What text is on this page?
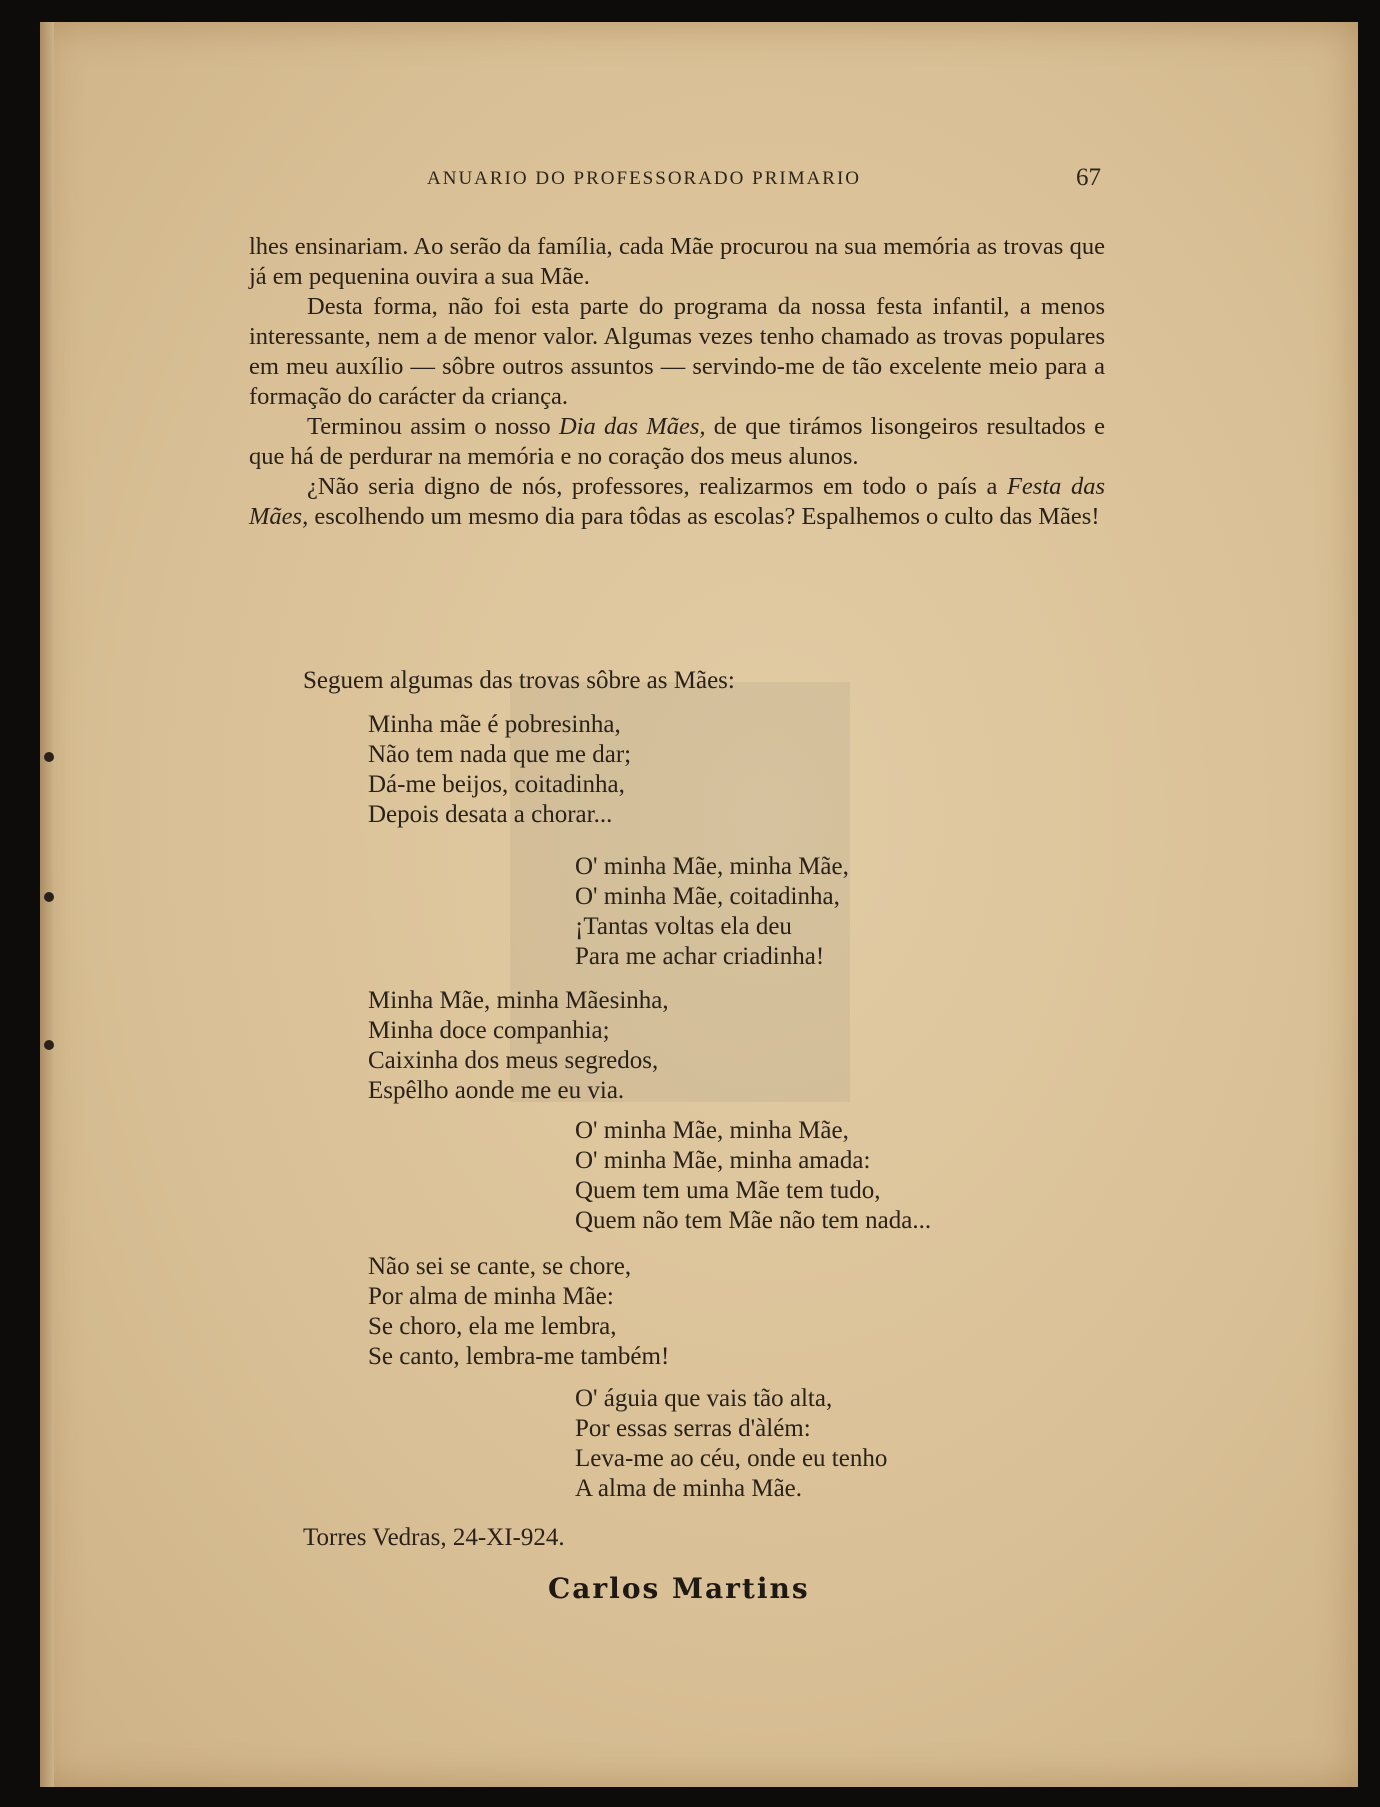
ANUARIO DO PROFESSORADO PRIMARIO	67

lhes ensinariam. Ao serão da família, cada Mãe procurou na sua memória as trovas que já em pequenina ouvira a sua Mãe.

Desta forma, não foi esta parte do programa da nossa festa infantil, a menos interessante, nem a de menor valor. Algumas vezes tenho chamado as trovas populares em meu auxílio — sôbre outros assuntos — servindo-me de tão excelente meio para a formação do carácter da criança.

Terminou assim o nosso Dia das Mães, de que tirámos lisongeiros resultados e que há de perdurar na memória e no coração dos meus alunos.

¿Não seria digno de nós, professores, realizarmos em todo o país a Festa das Mães, escolhendo um mesmo dia para tôdas as escolas? Espalhemos o culto das Mães!

Seguem algumas das trovas sôbre as Mães:
Minha mãe é pobresinha,
Não tem nada que me dar;
Dá-me beijos, coitadinha,
Depois desata a chorar...
O' minha Mãe, minha Mãe,
O' minha Mãe, coitadinha,
¡Tantas voltas ela deu
Para me achar criadinha!
Minha Mãe, minha Mãesinha,
Minha doce companhia;
Caixinha dos meus segredos,
Espêlho aonde me eu via.
O' minha Mãe, minha Mãe,
O' minha Mãe, minha amada:
Quem tem uma Mãe tem tudo,
Quem não tem Mãe não tem nada...
Não sei se cante, se chore,
Por alma de minha Mãe:
Se choro, ela me lembra,
Se canto, lembra-me também!
O' águia que vais tão alta,
Por essas serras d'àlém:
Leva-me ao céu, onde eu tenho
A alma de minha Mãe.
Torres Vedras, 24-XI-924.
Carlos Martins
